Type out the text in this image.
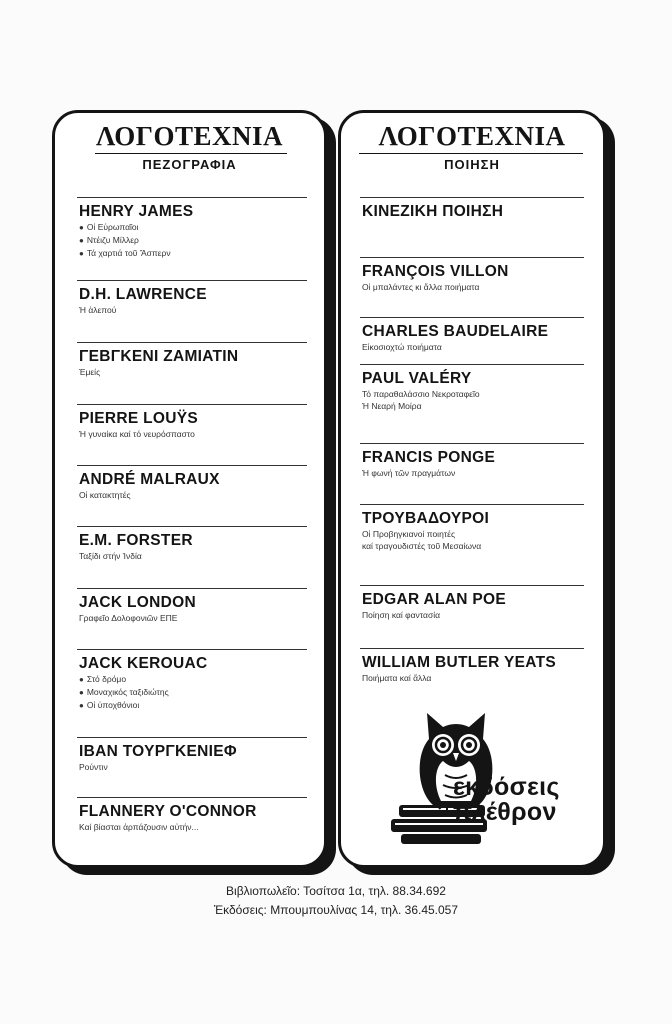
ΛΟΓΟΤΕΧΝΙΑ
ΠΕΖΟΓΡΑΦΙΑ
HENRY JAMES
● Οἱ Εὐρωπαῖοι
● Ντέιζυ Μίλλερ
● Τά χαρτιά τοῦ Ἄσπερν
D.H. LAWRENCE
Ἡ ἀλεπού
ΓΕΒΓΚΕΝΙ ΖΑΜΙΑΤΙΝ
Ἐμείς
PIERRE LOUŸS
Ἡ γυναίκα καί τό νευρόσπαστο
ANDRÉ MALRAUX
Οἱ κατακτητές
E.M. FORSTER
Ταξίδι στήν Ἰνδία
JACK LONDON
Γραφεῖο Δολοφονιῶν ΕΠΕ
JACK KEROUAC
● Στό δρόμο
● Μοναχικός ταξιδιώτης
● Οἱ ὑποχθόνιοι
ΙΒΑΝ ΤΟΥΡΓΚΕΝΙΕΦ
Ρούντιν
FLANNERY O'CONNOR
Καί βίασται ἁρπάζουσιν αὐτήν...
ΛΟΓΟΤΕΧΝΙΑ
ΠΟΙΗΣΗ
ΚΙΝΕΖΙΚΗ ΠΟΙΗΣΗ
FRANÇOIS VILLON
Οἱ μπαλάντες κι ἄλλα ποιήματα
CHARLES BAUDELAIRE
Εἰκοσιοχτώ ποιήματα
PAUL VALÉRY
Τό παραθαλάσσιο Νεκροταφεῖο
Ἡ Νεαρή Μοίρα
FRANCIS PONGE
Ἡ φωνή τῶν πραγμάτων
ΤΡΟΥΒΑΔΟΥΡΟΙ
Οἱ Προβηγκιανοί ποιητές
καί τραγουδιστές τοῦ Μεσαίωνα
EDGAR ALAN POE
Ποίηση καί φαντασία
WILLIAM BUTLER YEATS
Ποιήματα καί ἄλλα
εκδόσεις
πλέθρον
Βιβλιοπωλεῖο: Τοσίτσα 1α, τηλ. 88.34.692
Ἐκδόσεις: Μπουμπουλίνας 14, τηλ. 36.45.057
